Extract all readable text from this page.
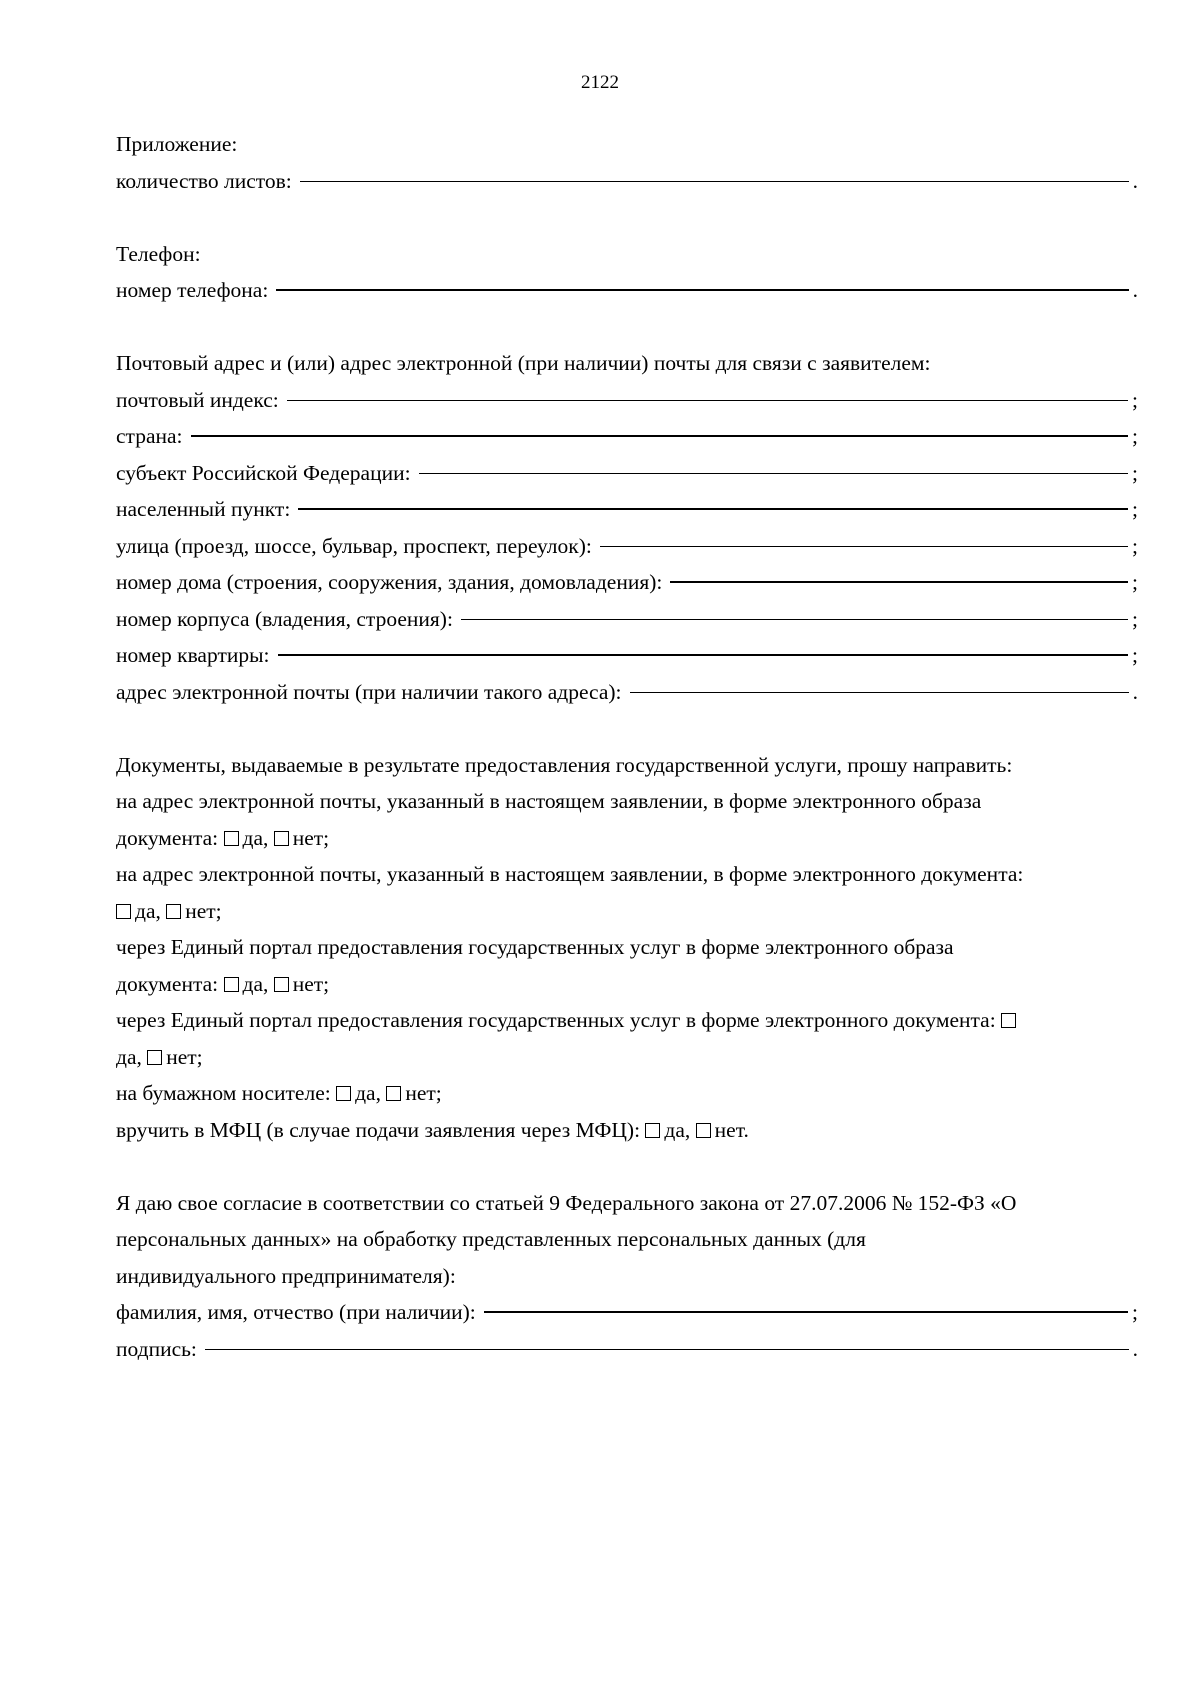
2122
Приложение:
количество листов:	.
Телефон:
номер телефона:	.
Почтовый адрес и (или) адрес электронной (при наличии) почты для связи с заявителем:
почтовый индекс:	;
страна:	;
субъект Российской Федерации:	;
населенный пункт:	;
улица (проезд, шоссе, бульвар, проспект, переулок):	;
номер дома (строения, сооружения, здания, домовладения):	;
номер корпуса (владения, строения):	;
номер квартиры:	;
адрес электронной почты (при наличии такого адреса):	.
Документы, выдаваемые в результате предоставления государственной услуги, прошу направить:
на адрес электронной почты, указанный в настоящем заявлении, в форме электронного образа
документа: да, нет;
на адрес электронной почты, указанный в настоящем заявлении, в форме электронного документа:
да, нет;
через Единый портал предоставления государственных услуг в форме электронного образа
документа: да, нет;
через Единый портал предоставления государственных услуг в форме электронного документа:
да, нет;
на бумажном носителе: да, нет;
вручить в МФЦ (в случае подачи заявления через МФЦ): да, нет.
Я даю свое согласие в соответствии со статьей 9 Федерального закона от 27.07.2006 № 152-ФЗ «О
персональных данных» на обработку представленных персональных данных (для
индивидуального предпринимателя):
фамилия, имя, отчество (при наличии):	;
подпись:	.
